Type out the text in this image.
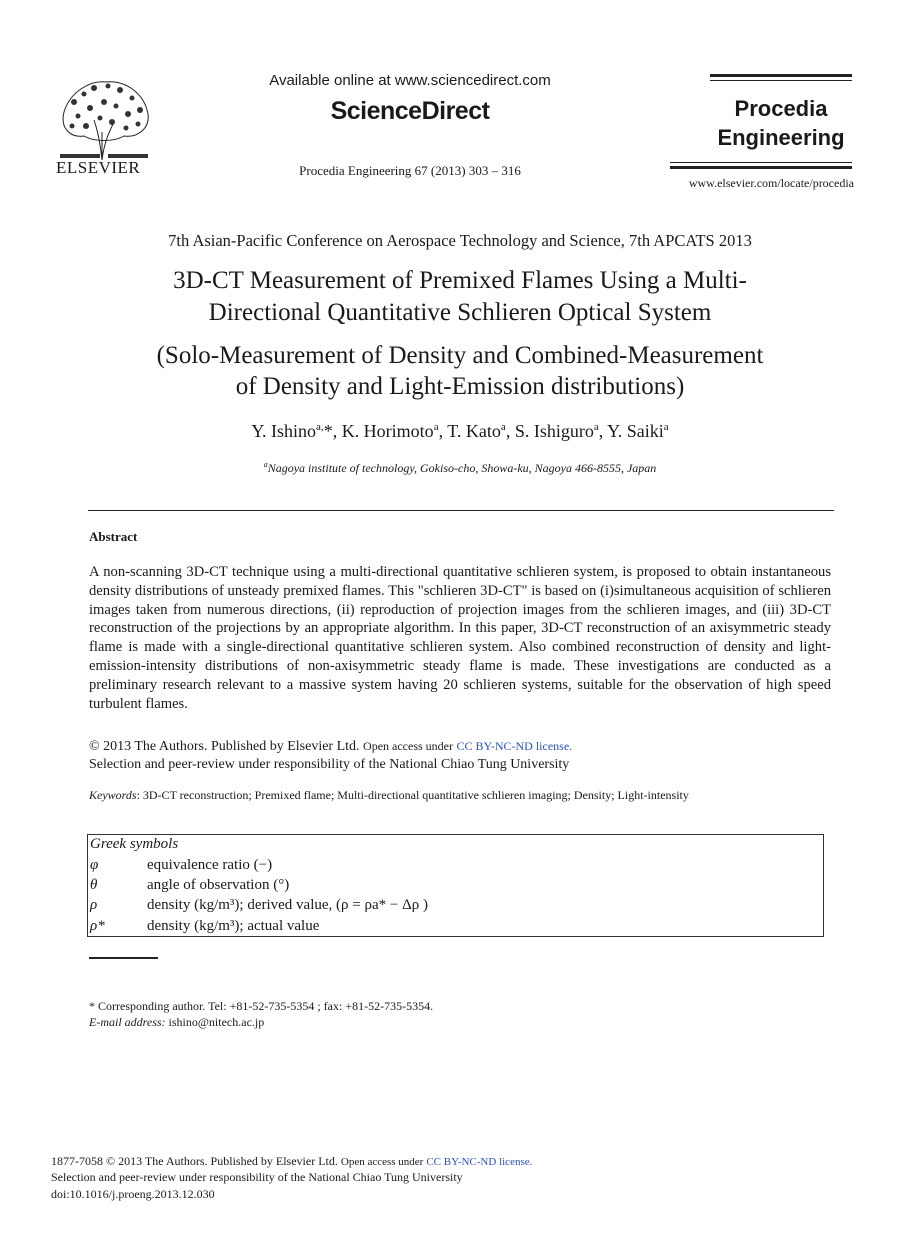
ELSEVIER
Available online at www.sciencedirect.com
ScienceDirect
Procedia Engineering 67 (2013) 303 – 316
Procedia
Engineering
www.elsevier.com/locate/procedia
7th Asian-Pacific Conference on Aerospace Technology and Science, 7th APCATS 2013
3D-CT Measurement of Premixed Flames Using a Multi-
Directional Quantitative Schlieren Optical System
(Solo-Measurement of Density and Combined-Measurement
of Density and Light-Emission distributions)
Y. Ishino$^{a,}$*, K. Horimoto$^a$, T. Kato$^a$, S. Ishiguro$^a$, Y. Saiki$^a$
$^a$Nagoya institute of technology, Gokiso-cho, Showa-ku, Nagoya 466-8555, Japan
Abstract
A non-scanning 3D-CT technique using a multi-directional quantitative schlieren system, is proposed to obtain instantaneous density distributions of unsteady premixed flames. This "schlieren 3D-CT" is based on (i)simultaneous acquisition of schlieren images taken from numerous directions, (ii) reproduction of projection images from the schlieren images, and (iii) 3D-CT reconstruction of the projections by an appropriate algorithm. In this paper, 3D-CT reconstruction of an axisymmetric steady flame is made with a single-directional quantitative schlieren system. Also combined reconstruction of density and light-emission-intensity distributions of non-axisymmetric steady flame is made. These investigations are conducted as a preliminary research relevant to a massive system having 20 schlieren systems, suitable for the observation of high speed turbulent flames.
© 2013 The Authors. Published by Elsevier Ltd. Open access under CC BY-NC-ND license.
Selection and peer-review under responsibility of the National Chiao Tung University
Keywords: 3D-CT reconstruction; Premixed flame; Multi-directional quantitative schlieren imaging; Density; Light-intensity
Greek symbols
φ	equivalence ratio (−)
θ	angle of observation (°)
ρ	density (kg/m³); derived value, (ρ = ρa* − Δρ )
ρ*	density (kg/m³); actual value
* Corresponding author. Tel: +81-52-735-5354 ; fax: +81-52-735-5354.
E-mail address: ishino@nitech.ac.jp
1877-7058 © 2013 The Authors. Published by Elsevier Ltd. Open access under CC BY-NC-ND license.
Selection and peer-review under responsibility of the National Chiao Tung University
doi:10.1016/j.proeng.2013.12.030
